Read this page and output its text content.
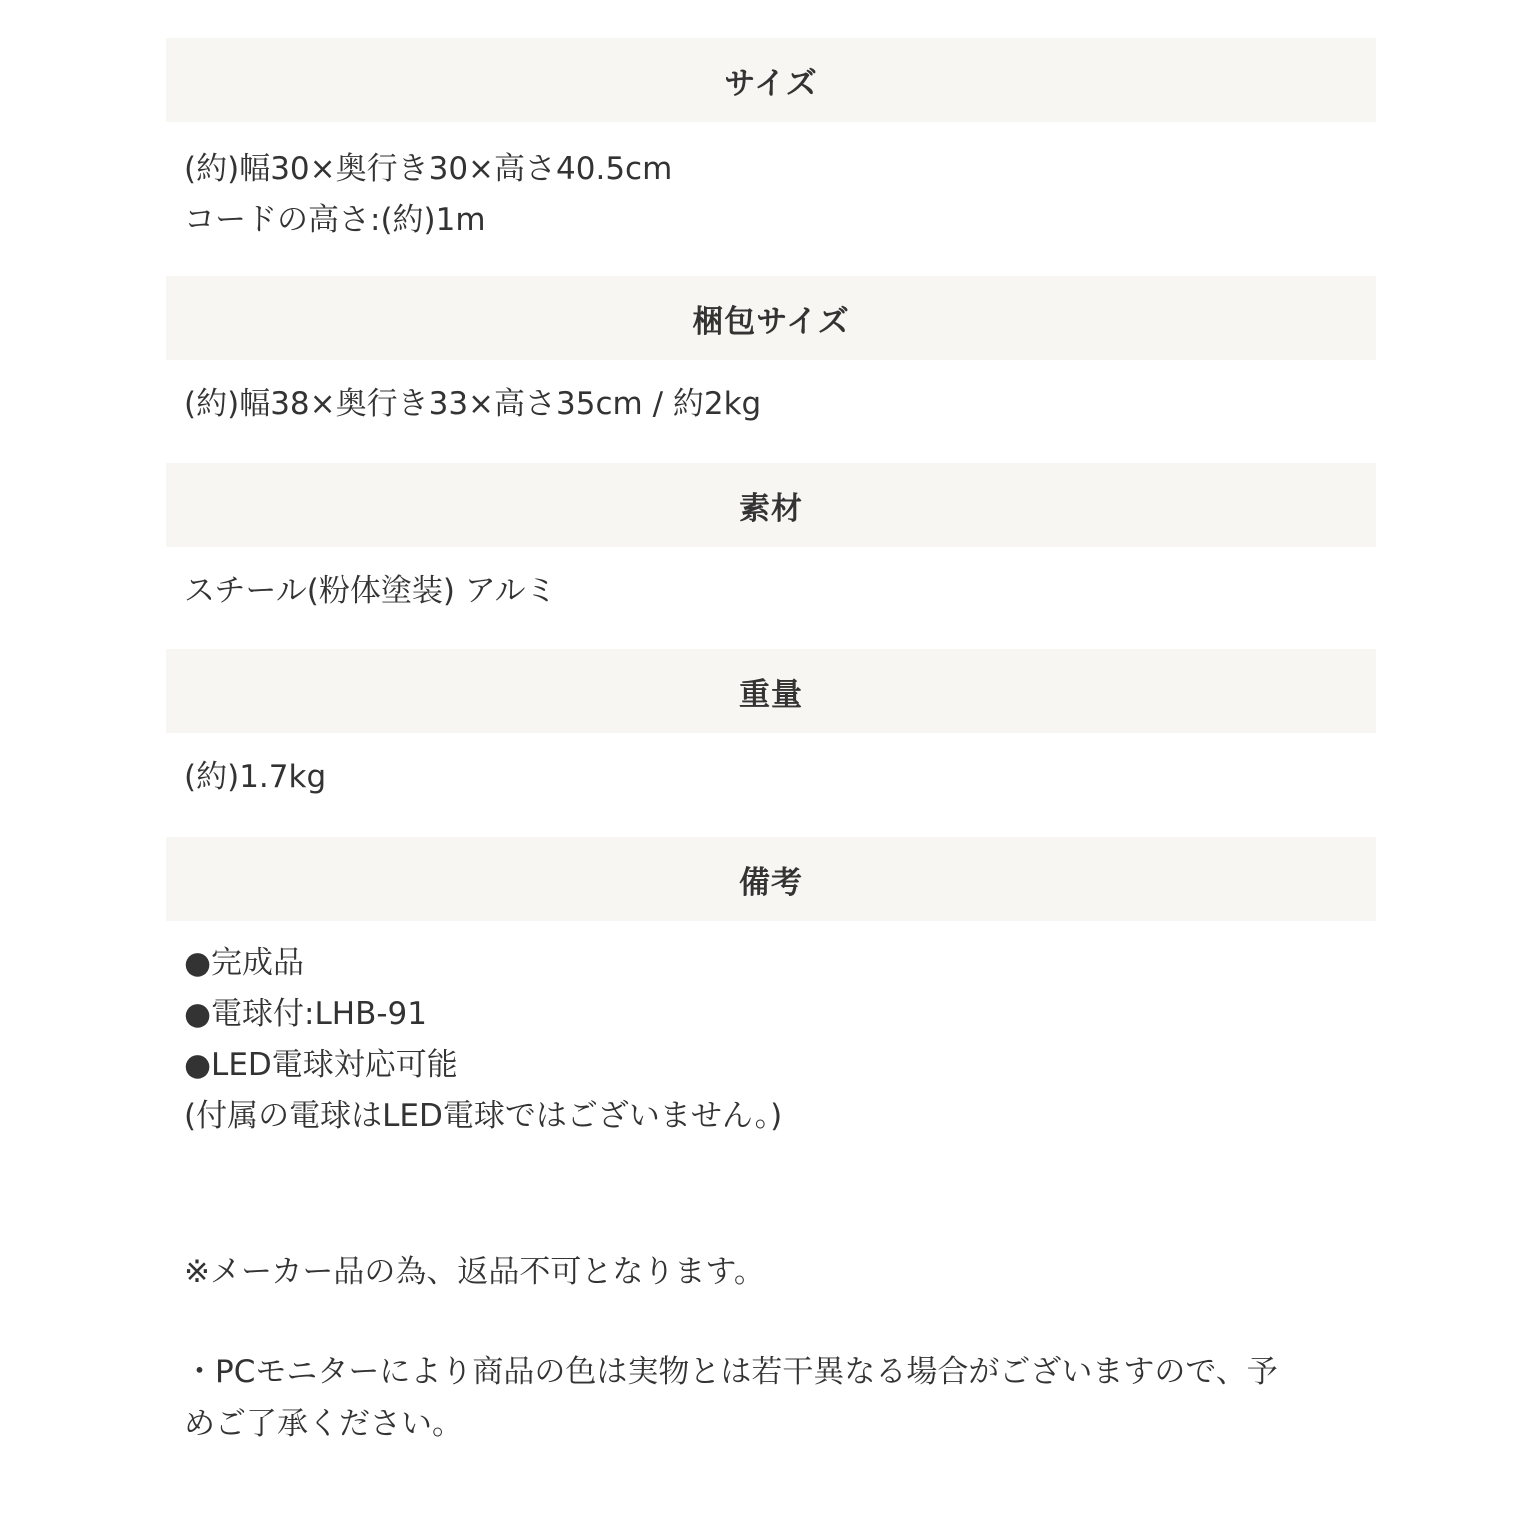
サイズ
(約)幅30×奥行き30×高さ40.5cm
コードの高さ:(約)1m
梱包サイズ
(約)幅38×奥行き33×高さ35cm / 約2kg
素材
スチール(粉体塗装) アルミ
重量
(約)1.7kg
備考
●完成品
●電球付:LHB-91
●LED電球対応可能
(付属の電球はLED電球ではございません。)
※メーカー品の為、返品不可となります。
・PCモニターにより商品の色は実物とは若干異なる場合がございますので、予
めご了承ください。
